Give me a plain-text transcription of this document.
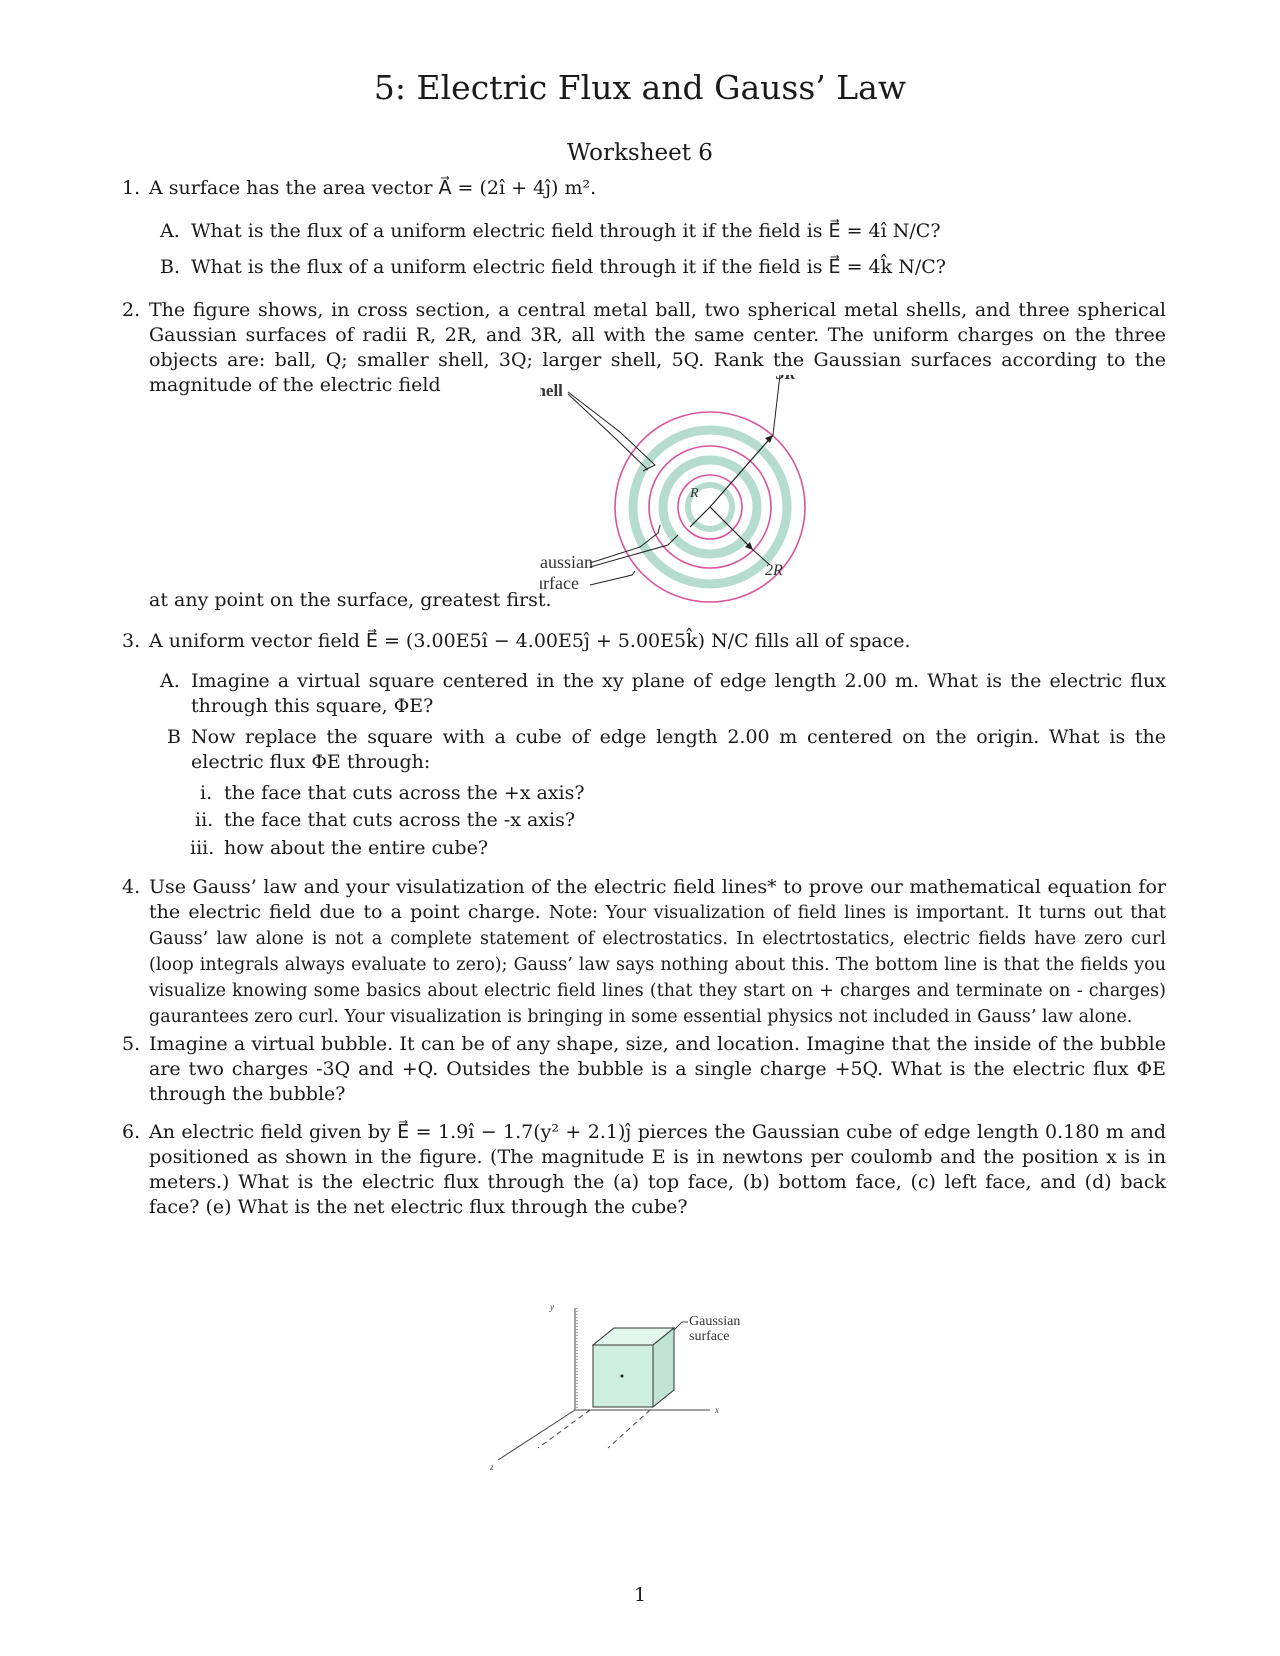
5: Electric Flux and Gauss’ Law
Worksheet 6
1. A surface has the area vector A⃗ = (2î + 4ĵ) m².
A. What is the flux of a uniform electric field through it if the field is E⃗ = 4î N/C?
B. What is the flux of a uniform electric field through it if the field is E⃗ = 4k̂ N/C?
2. The figure shows, in cross section, a central metal ball, two spherical metal shells, and three spherical Gaussian surfaces of radii R, 2R, and 3R, all with the same center. The uniform charges on the three objects are: ball, Q; smaller shell, 3Q; larger shell, 5Q. Rank the Gaussian surfaces according to the magnitude of the electric field	hell
R
2R
aussian
rface
at any point on the surface, greatest first.
3. A uniform vector field E⃗ = (3.00E5î − 4.00E5ĵ + 5.00E5k̂) N/C fills all of space.
A. Imagine a virtual square centered in the xy plane of edge length 2.00 m. What is the electric flux through this square, ΦE?
B Now replace the square with a cube of edge length 2.00 m centered on the origin. What is the electric flux ΦE through:
i. the face that cuts across the +x axis?
ii. the face that cuts across the -x axis?
iii. how about the entire cube?
4. Use Gauss’ law and your visulatization of the electric field lines* to prove our mathematical equation for the electric field due to a point charge. Note: Your visualization of field lines is important. It turns out that Gauss’ law alone is not a complete statement of electrostatics. In electrtostatics, electric fields have zero curl (loop integrals always evaluate to zero); Gauss’ law says nothing about this. The bottom line is that the fields you visualize knowing some basics about electric field lines (that they start on + charges and terminate on - charges) gaurantees zero curl. Your visualization is bringing in some essential physics not included in Gauss’ law alone.
5. Imagine a virtual bubble. It can be of any shape, size, and location. Imagine that the inside of the bubble are two charges -3Q and +Q. Outsides the bubble is a single charge +5Q. What is the electric flux ΦE through the bubble?
6. An electric field given by E⃗ = 1.9î − 1.7(y² + 2.1)ĵ pierces the Gaussian cube of edge length 0.180 m and positioned as shown in the figure. (The magnitude E is in newtons per coulomb and the position x is in meters.) What is the electric flux through the (a) top face, (b) bottom face, (c) left face, and (d) back face? (e) What is the net electric flux through the cube?
y
x
z
Gaussian
surface
1
